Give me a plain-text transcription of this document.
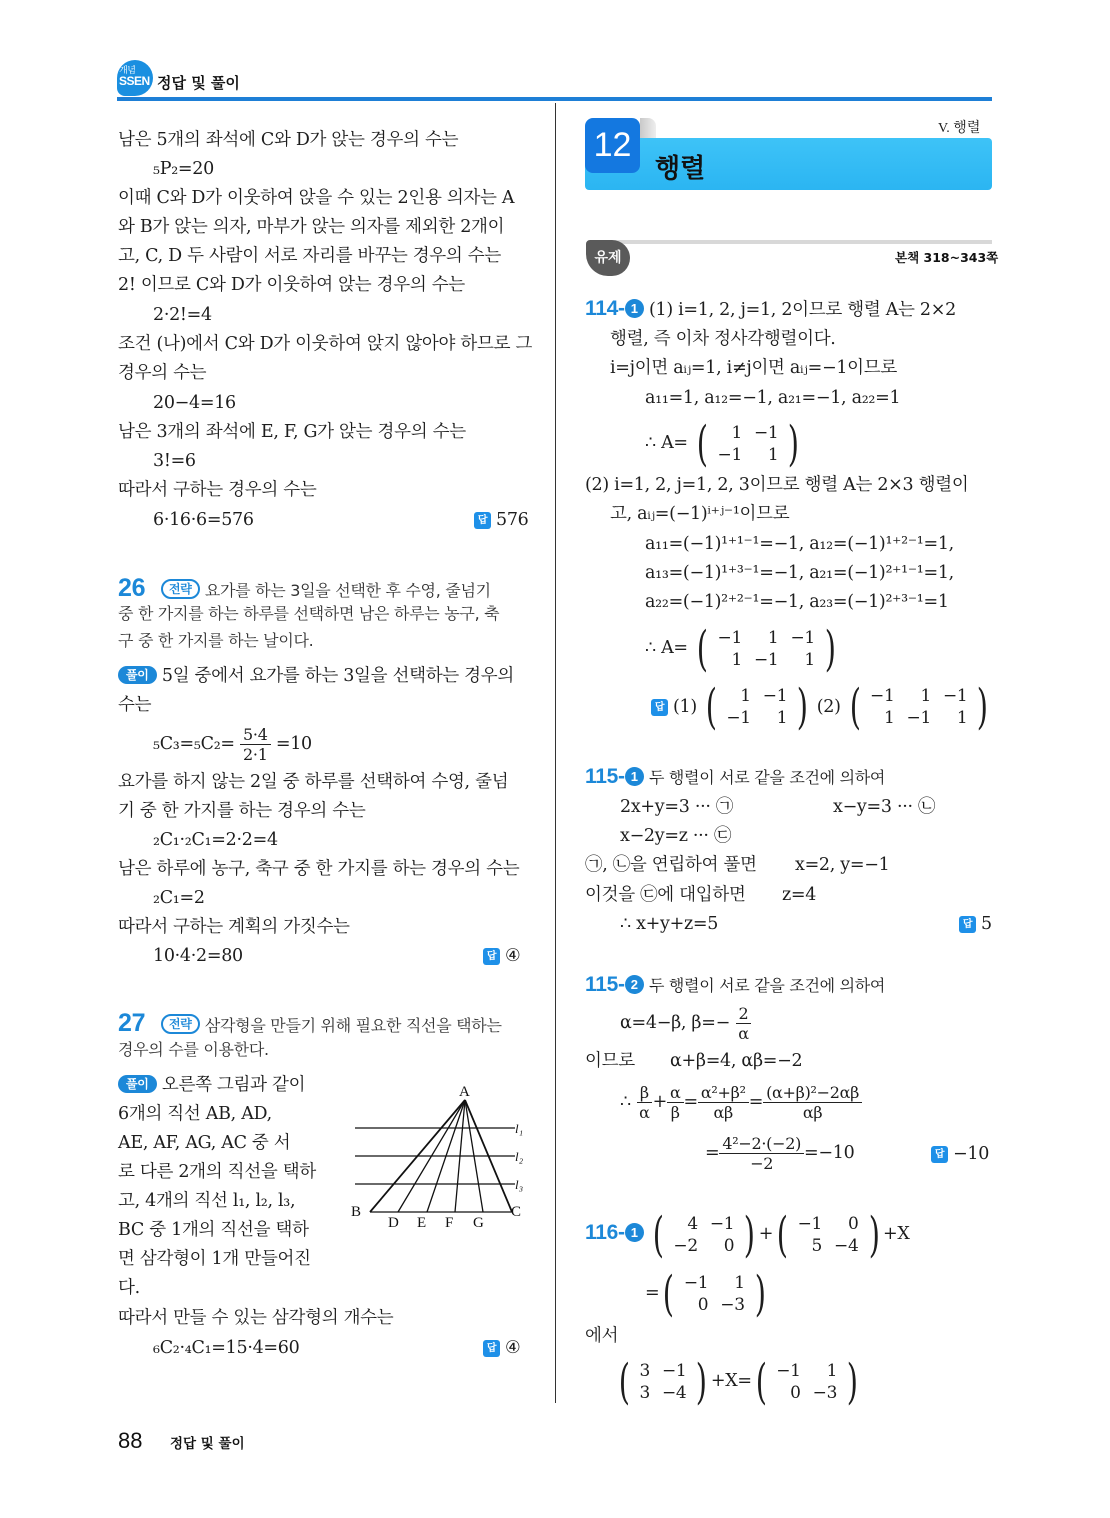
개념
SSEN 정답 및 풀이
남은 5개의 좌석에 C와 D가 앉는 경우의 수는
₅P₂=20
이때 C와 D가 이웃하여 앉을 수 있는 2인용 의자는 A
와 B가 앉는 의자, 마부가 앉는 의자를 제외한 2개이
고, C, D 두 사람이 서로 자리를 바꾸는 경우의 수는
2! 이므로 C와 D가 이웃하여 앉는 경우의 수는
2·2!=4
조건 (나)에서 C와 D가 이웃하여 앉지 않아야 하므로 그
경우의 수는
20−4=16
남은 3개의 좌석에 E, F, G가 앉는 경우의 수는
3!=6
따라서 구하는 경우의 수는
6·16·6=576	답 576
26 전략 요가를 하는 3일을 선택한 후 수영, 줄넘기
중 한 가지를 하는 하루를 선택하면 남은 하루는 농구, 축
구 중 한 가지를 하는 날이다.
풀이 5일 중에서 요가를 하는 3일을 선택하는 경우의
수는
$_5C_3=_5C_2= \frac{5\cdot 4}{2\cdot 1} =10$
요가를 하지 않는 2일 중 하루를 선택하여 수영, 줄넘
기 중 한 가지를 하는 경우의 수는
₂C₁·₂C₁=2·2=4
남은 하루에 농구, 축구 중 한 가지를 하는 경우의 수는
₂C₁=2
따라서 구하는 계획의 가짓수는
10·4·2=80	답 ④
27 전략 삼각형을 만들기 위해 필요한 직선을 택하는
경우의 수를 이용한다.
풀이 오른쪽 그림과 같이
6개의 직선 AB, AD,
AE, AF, AG, AC 중 서
로 다른 2개의 직선을 택하
고, 4개의 직선 l₁, l₂, l₃,
BC 중 1개의 직선을 택하
면 삼각형이 1개 만들어진
다.
따라서 만들 수 있는 삼각형의 개수는
₆C₂·₄C₁=15·4=60	답 ④
A
B	C
D E F G
l₁
l₂
l₃
V. 행렬
12
행렬
유제	본책 318~343쪽
114- 1 (1) i=1, 2, j=1, 2이므로 행렬 A는 2×2
행렬, 즉 이차 정사각행렬이다.
i=j이면 aᵢⱼ=1, i≠j이면 aᵢⱼ=−1이므로
a₁₁=1, a₁₂=−1, a₂₁=−1, a₂₂=1
∴ A= ( 1	−1
−1	1 )
(2) i=1, 2, j=1, 2, 3이므로 행렬 A는 2×3 행렬이
고, aᵢⱼ=(−1)ⁱ⁺ʲ⁻¹이므로
a₁₁=(−1)¹⁺¹⁻¹=−1, a₁₂=(−1)¹⁺²⁻¹=1,
a₁₃=(−1)¹⁺³⁻¹=−1, a₂₁=(−1)²⁺¹⁻¹=1,
a₂₂=(−1)²⁺²⁻¹=−1, a₂₃=(−1)²⁺³⁻¹=1
∴ A= ( −1	1	−1
1	−1	1 )
답 (1) ( 1	−1
−1	1 ) (2) ( −1	1	−1
1	−1	1 )
115- 1 두 행렬이 서로 같을 조건에 의하여
2x+y=3 ··· ㉠	x−y=3 ··· ㉡
x−2y=z ··· ㉢
㉠, ㉡을 연립하여 풀면 x=2, y=−1
이것을 ㉢에 대입하면 z=4
∴ x+y+z=5	답 5
115- 2 두 행렬이 서로 같을 조건에 의하여
α=4−β, $\beta=- \frac{2}{\alpha}$
이므로 α+β=4, αβ=−2
∴ $\frac{\beta}{\alpha} + \frac{\alpha}{\beta} = \frac{\text{α²+β²}}{\alpha\beta} = \frac{\text{(α+β)²−2αβ}}{\alpha\beta}$
= $\frac{\text{4²−2·(−2)}}{-2} =-10$	답 −10
116- 1 ( 4	−1
−2	0 ) + ( −1	0
5	−4 ) +X
= ( −1	1
0	−3 )
에서
( 3	−1
3	−4 ) +X= ( −1	1
0	−3 )
88 정답 및 풀이
